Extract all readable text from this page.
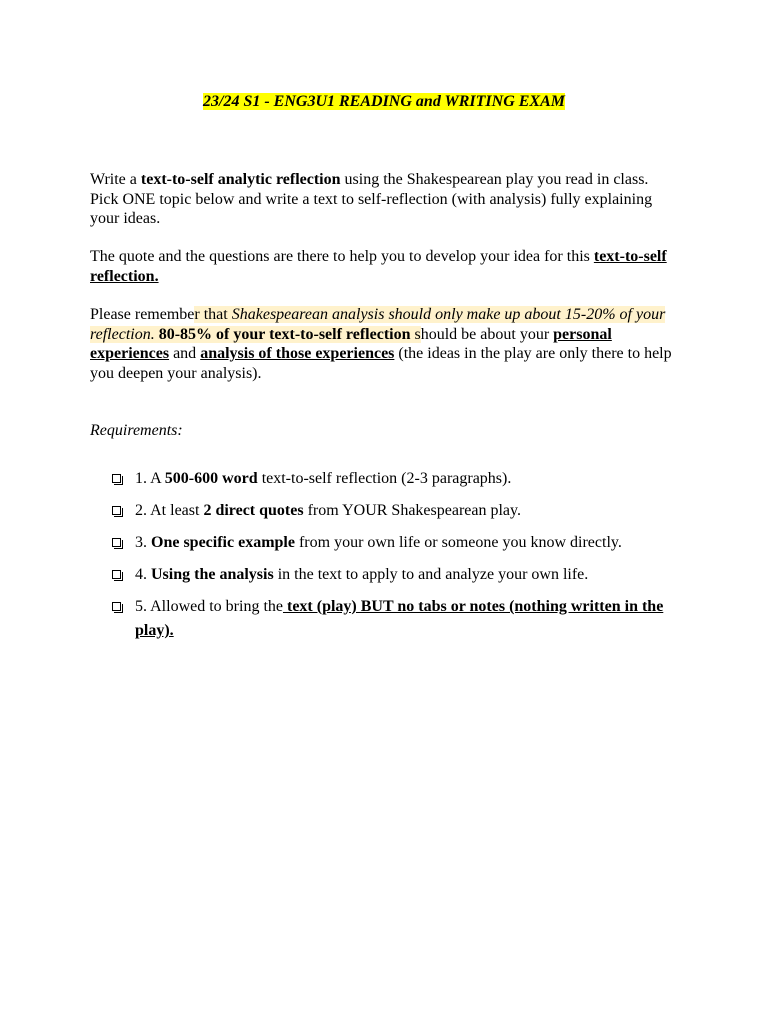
23/24 S1 - ENG3U1 READING and WRITING EXAM
Write a text-to-self analytic reflection using the Shakespearean play you read in class. Pick ONE topic below and write a text to self-reflection (with analysis) fully explaining your ideas.
The quote and the questions are there to help you to develop your idea for this text-to-self reflection.
Please remember that Shakespearean analysis should only make up about 15-20% of your reflection. 80-85% of your text-to-self reflection should be about your personal experiences and analysis of those experiences (the ideas in the play are only there to help you deepen your analysis).
Requirements:
1. A 500-600 word text-to-self reflection (2-3 paragraphs).
2. At least 2 direct quotes from YOUR Shakespearean play.
3. One specific example from your own life or someone you know directly.
4. Using the analysis in the text to apply to and analyze your own life.
5. Allowed to bring the text (play) BUT no tabs or notes (nothing written in the play).
